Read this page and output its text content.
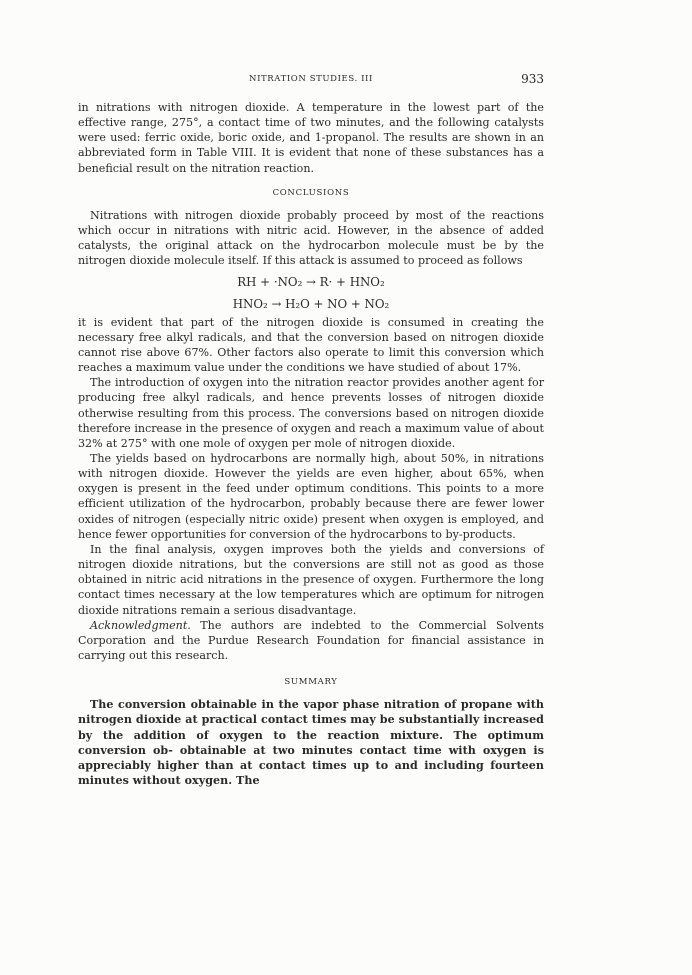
NITRATION STUDIES. III	933

in nitrations with nitrogen dioxide. A temperature in the lowest part of the effective range, 275°, a contact time of two minutes, and the following catalysts were used: ferric oxide, boric oxide, and 1-propanol. The results are shown in an abbreviated form in Table VIII. It is evident that none of these substances has a beneficial result on the nitration reaction.

CONCLUSIONS

Nitrations with nitrogen dioxide probably proceed by most of the reactions which occur in nitrations with nitric acid. However, in the absence of added catalysts, the original attack on the hydrocarbon molecule must be by the nitrogen dioxide molecule itself. If this attack is assumed to proceed as follows

RH + ·NO₂ → R· + HNO₂
HNO₂ → H₂O + NO + NO₂

it is evident that part of the nitrogen dioxide is consumed in creating the necessary free alkyl radicals, and that the conversion based on nitrogen dioxide cannot rise above 67%. Other factors also operate to limit this conversion which reaches a maximum value under the conditions we have studied of about 17%.

The introduction of oxygen into the nitration reactor provides another agent for producing free alkyl radicals, and hence prevents losses of nitrogen dioxide otherwise resulting from this process. The conversions based on nitrogen dioxide therefore increase in the presence of oxygen and reach a maximum value of about 32% at 275° with one mole of oxygen per mole of nitrogen dioxide.

The yields based on hydrocarbons are normally high, about 50%, in nitrations with nitrogen dioxide. However the yields are even higher, about 65%, when oxygen is present in the feed under optimum conditions. This points to a more efficient utilization of the hydrocarbon, probably because there are fewer lower oxides of nitrogen (especially nitric oxide) present when oxygen is employed, and hence fewer opportunities for conversion of the hydrocarbons to by-products.

In the final analysis, oxygen improves both the yields and conversions of nitrogen dioxide nitrations, but the conversions are still not as good as those obtained in nitric acid nitrations in the presence of oxygen. Furthermore the long contact times necessary at the low temperatures which are optimum for nitrogen dioxide nitrations remain a serious disadvantage.

Acknowledgment. The authors are indebted to the Commercial Solvents Corporation and the Purdue Research Foundation for financial assistance in carrying out this research.

SUMMARY

The conversion obtainable in the vapor phase nitration of propane with nitrogen dioxide at practical contact times may be substantially increased by the addition of oxygen to the reaction mixture. The optimum conversion ob- obtainable at two minutes contact time with oxygen is appreciably higher than at contact times up to and including fourteen minutes without oxygen. The
